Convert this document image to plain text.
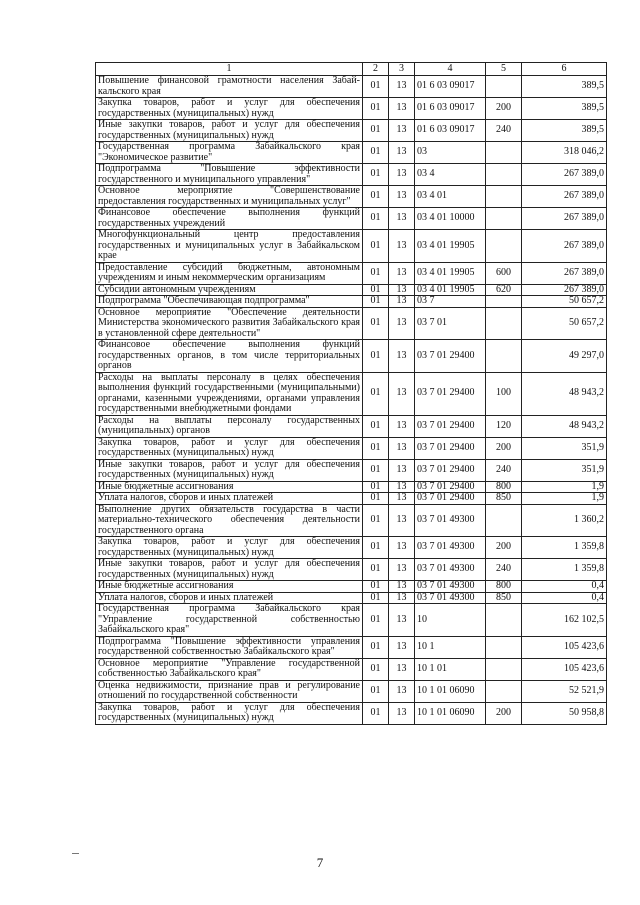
1	2	3	4	5	6
Повышение финансовой грамотности населения Забай-кальского края	01	13	01 6 03 09017		389,5
Закупка товаров, работ и услуг для обеспечения государственных (муниципальных) нужд	01	13	01 6 03 09017	200	389,5
Иные закупки товаров, работ и услуг для обеспечения государственных (муниципальных) нужд	01	13	01 6 03 09017	240	389,5
Государственная программа Забайкальского края "Экономическое развитие"	01	13	03		318 046,2
Подпрограмма "Повышение эффективности государственного и муниципального управления"	01	13	03 4		267 389,0
Основное мероприятие "Совершенствование предоставления государственных и муниципальных услуг"	01	13	03 4 01		267 389,0
Финансовое обеспечение выполнения функций государственных учреждений	01	13	03 4 01 10000		267 389,0
Многофункциональный центр предоставления государственных и муниципальных услуг в Забайкальском крае	01	13	03 4 01 19905		267 389,0
Предоставление субсидий бюджетным, автономным учреждениям и иным некоммерческим организациям	01	13	03 4 01 19905	600	267 389,0
Субсидии автономным учреждениям	01	13	03 4 01 19905	620	267 389,0
Подпрограмма "Обеспечивающая подпрограмма"	01	13	03 7		50 657,2
Основное мероприятие "Обеспечение деятельности Министерства экономического развития Забайкальского края в установленной сфере деятельности"	01	13	03 7 01		50 657,2
Финансовое обеспечение выполнения функций государственных органов, в том числе территориальных органов	01	13	03 7 01 29400		49 297,0
Расходы на выплаты персоналу в целях обеспечения выполнения функций государственными (муниципальными) органами, казенными учреждениями, органами управления государственными внебюджетными фондами	01	13	03 7 01 29400	100	48 943,2
Расходы на выплаты персоналу государственных (муниципальных) органов	01	13	03 7 01 29400	120	48 943,2
Закупка товаров, работ и услуг для обеспечения государственных (муниципальных) нужд	01	13	03 7 01 29400	200	351,9
Иные закупки товаров, работ и услуг для обеспечения государственных (муниципальных) нужд	01	13	03 7 01 29400	240	351,9
Иные бюджетные ассигнования	01	13	03 7 01 29400	800	1,9
Уплата налогов, сборов и иных платежей	01	13	03 7 01 29400	850	1,9
Выполнение других обязательств государства в части материально-технического обеспечения деятельности государственного органа	01	13	03 7 01 49300		1 360,2
Закупка товаров, работ и услуг для обеспечения государственных (муниципальных) нужд	01	13	03 7 01 49300	200	1 359,8
Иные закупки товаров, работ и услуг для обеспечения государственных (муниципальных) нужд	01	13	03 7 01 49300	240	1 359,8
Иные бюджетные ассигнования	01	13	03 7 01 49300	800	0,4
Уплата налогов, сборов и иных платежей	01	13	03 7 01 49300	850	0,4
Государственная программа Забайкальского края "Управление государственной собственностью Забайкальского края"	01	13	10		162 102,5
Подпрограмма "Повышение эффективности управления государственной собственностью Забайкальского края"	01	13	10 1		105 423,6
Основное мероприятие "Управление государственной собственностью Забайкальского края"	01	13	10 1 01		105 423,6
Оценка недвижимости, признание прав и регулирование отношений по государственной собственности	01	13	10 1 01 06090		52 521,9
Закупка товаров, работ и услуг для обеспечения государственных (муниципальных) нужд	01	13	10 1 01 06090	200	50 958,8
7
